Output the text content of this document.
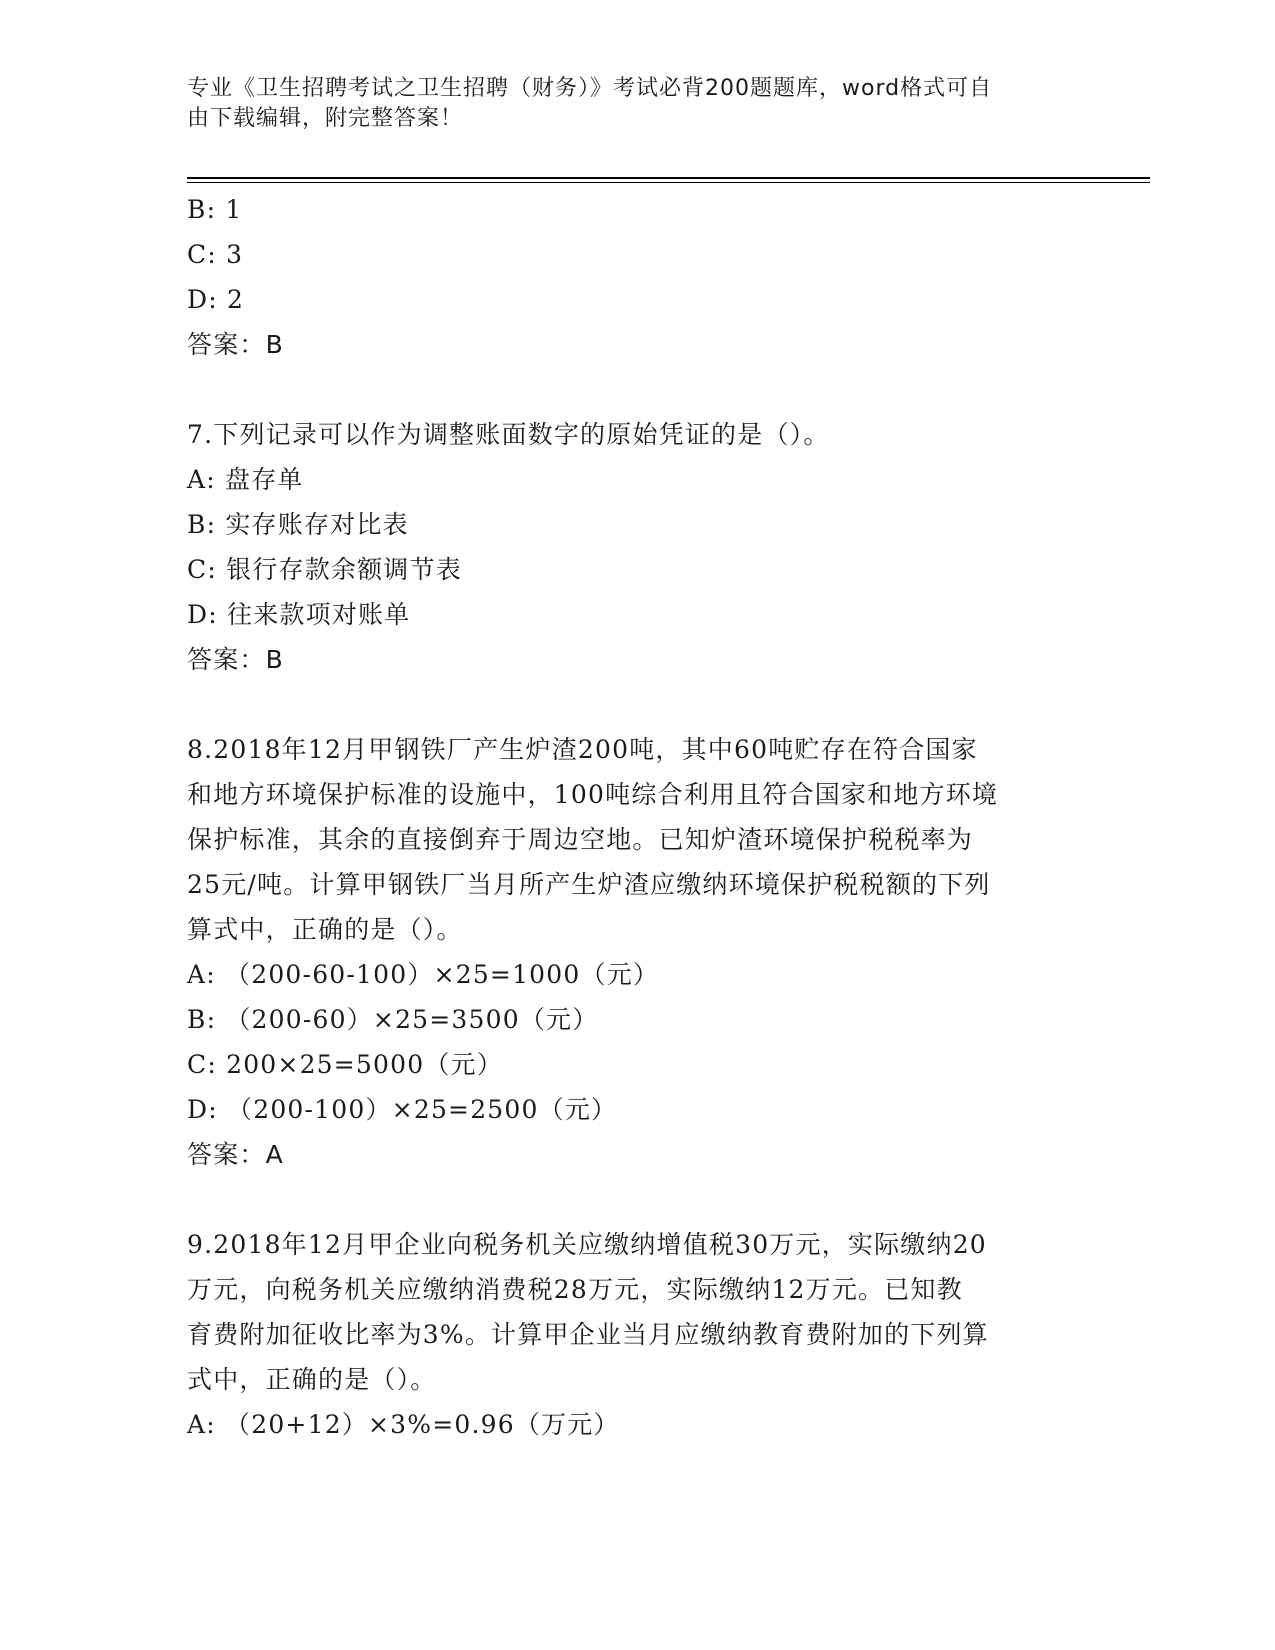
专业《卫生招聘考试之卫生招聘（财务）》考试必背200题题库，word格式可自
由下载编辑，附完整答案！
B: 1
C: 3
D: 2
答案：B
7.下列记录可以作为调整账面数字的原始凭证的是（）。
A: 盘存单
B: 实存账存对比表
C: 银行存款余额调节表
D: 往来款项对账单
答案：B
8.2018年12月甲钢铁厂产生炉渣200吨，其中60吨贮存在符合国家
和地方环境保护标准的设施中，100吨综合利用且符合国家和地方环境
保护标准，其余的直接倒弃于周边空地。已知炉渣环境保护税税率为
25元/吨。计算甲钢铁厂当月所产生炉渣应缴纳环境保护税税额的下列
算式中，正确的是（）。
A: （200-60-100）×25=1000（元）
B: （200-60）×25=3500（元）
C: 200×25=5000（元）
D: （200-100）×25=2500（元）
答案：A
9.2018年12月甲企业向税务机关应缴纳增值税30万元，实际缴纳20
万元，向税务机关应缴纳消费税28万元，实际缴纳12万元。已知教
育费附加征收比率为3%。计算甲企业当月应缴纳教育费附加的下列算
式中，正确的是（）。
A: （20+12）×3%=0.96（万元）
